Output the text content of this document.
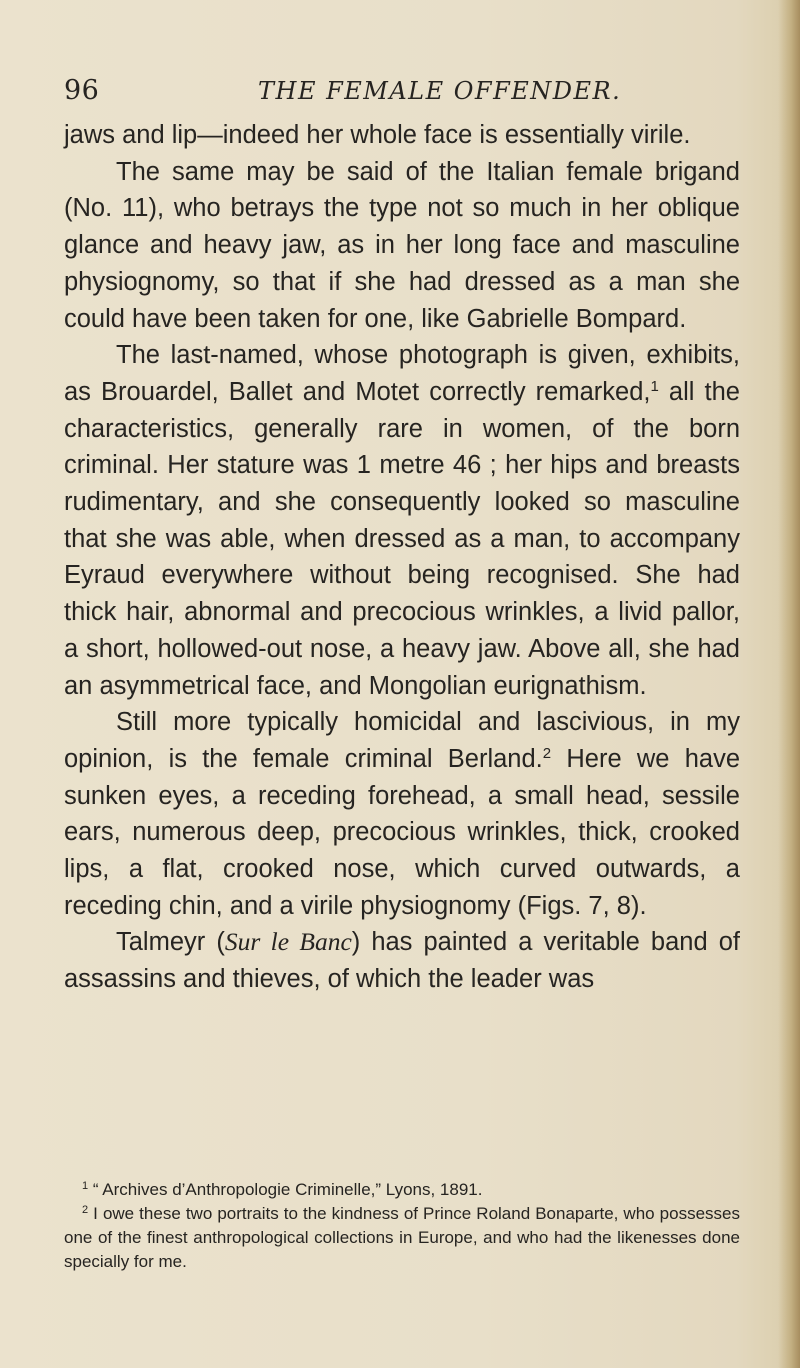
96	THE FEMALE OFFENDER.

jaws and lip—indeed her whole face is essentially virile.

The same may be said of the Italian female brigand (No. 11), who betrays the type not so much in her oblique glance and heavy jaw, as in her long face and masculine physiognomy, so that if she had dressed as a man she could have been taken for one, like Gabrielle Bompard.

The last-named, whose photograph is given, exhibits, as Brouardel, Ballet and Motet correctly remarked,$^1$ all the characteristics, generally rare in women, of the born criminal. Her stature was 1 metre 46 ; her hips and breasts rudimentary, and she consequently looked so masculine that she was able, when dressed as a man, to accompany Eyraud everywhere without being recognised. She had thick hair, abnormal and precocious wrinkles, a livid pallor, a short, hollowed-out nose, a heavy jaw. Above all, she had an asymmetrical face, and Mongolian eurignathism.

Still more typically homicidal and lascivious, in my opinion, is the female criminal Berland.$^2$ Here we have sunken eyes, a receding forehead, a small head, sessile ears, numerous deep, precocious wrinkles, thick, crooked lips, a flat, crooked nose, which curved outwards, a receding chin, and a virile physiognomy (Figs. 7, 8).

Talmeyr (Sur le Banc) has painted a veritable band of assassins and thieves, of which the leader was

$^1$ “ Archives d’Anthropologie Criminelle,” Lyons, 1891.

$^2$ I owe these two portraits to the kindness of Prince Roland Bonaparte, who possesses one of the finest anthropological collections in Europe, and who had the likenesses done specially for me.
